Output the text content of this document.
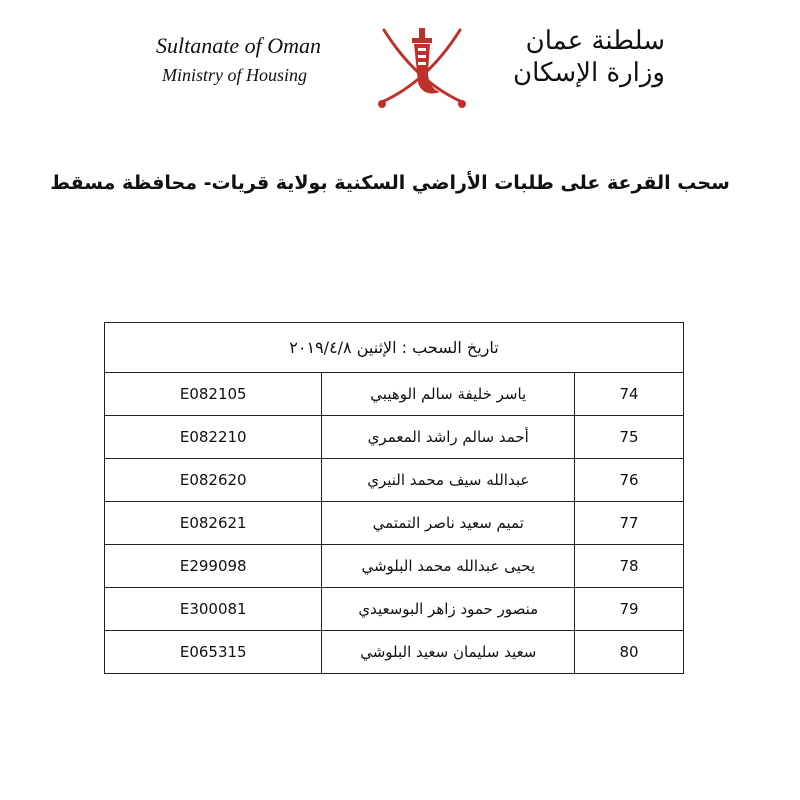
Sultanate of Oman
Ministry of Housing
سلطنة عمان
وزارة الإسكان
سحب القرعة على طلبات الأراضي السكنية بولاية قريات- محافظة مسقط
تاريخ السحب : الإثنين ٢٠١٩/٤/٨		
E082105	ياسر خليفة سالم الوهيبي	74
E082210	أحمد سالم راشد المعمري	75
E082620	عبدالله سيف محمد النيري	76
E082621	تميم سعيد ناصر التمتمي	77
E299098	يحيى عبدالله محمد البلوشي	78
E300081	منصور حمود زاهر البوسعيدي	79
E065315	سعيد سليمان سعيد البلوشي	80
